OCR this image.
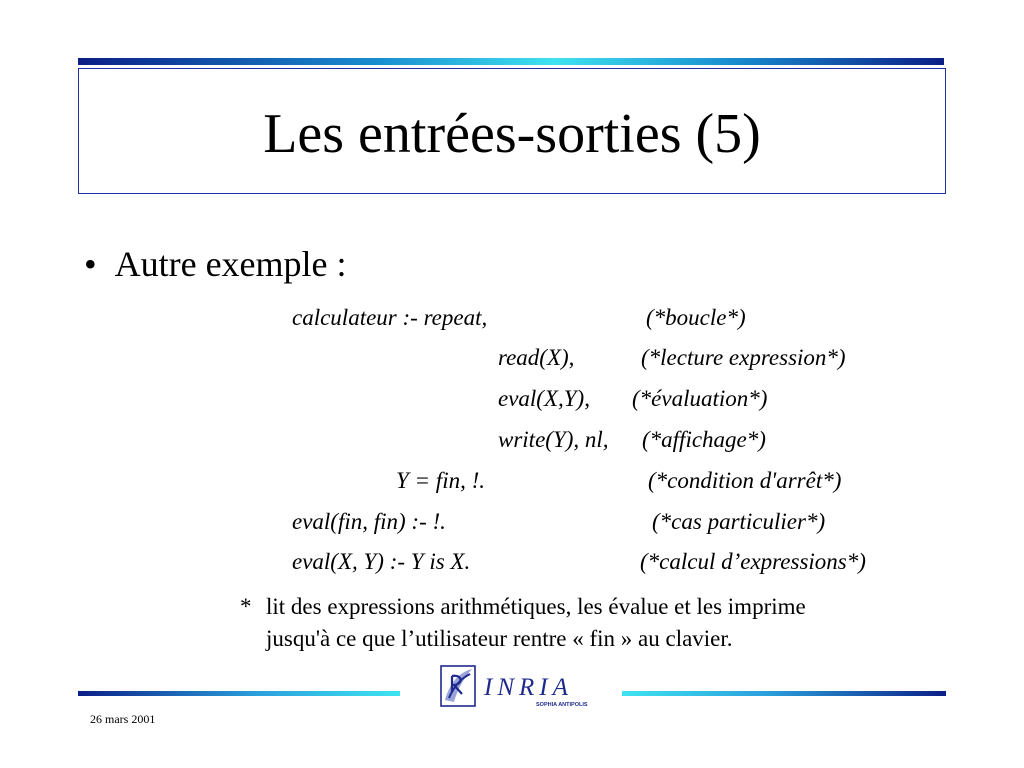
Les entrées-sorties (5)
• Autre exemple :
calculateur :- repeat,	(*boucle*)
read(X),	(*lecture expression*)
eval(X,Y), (*évaluation*)
write(Y), nl, (*affichage*)
Y = fin, !.	(*condition d'arrêt*)
eval(fin, fin) :- !.	(*cas particulier*)
eval(X, Y) :- Y is X.	(*calcul d’expressions*)
* lit des expressions arithmétiques, les évalue et les imprime
jusqu'à ce que l’utilisateur rentre « fin » au clavier.
INRIA
SOPHIA ANTIPOLIS
26 mars 2001
